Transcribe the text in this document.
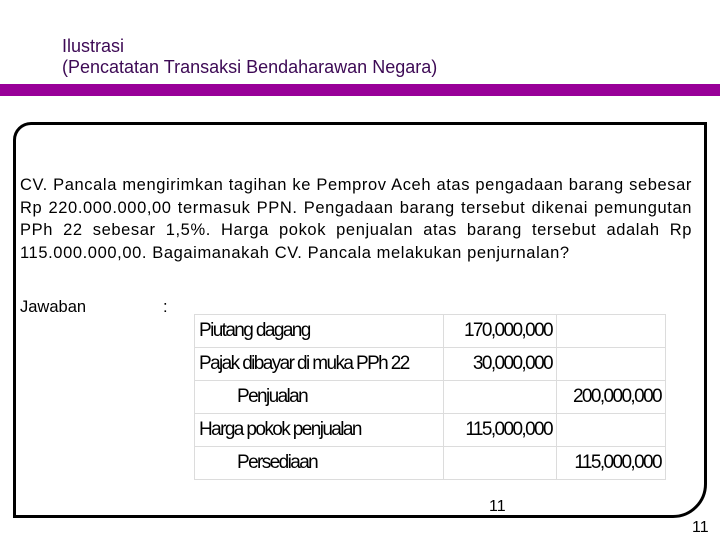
Ilustrasi
(Pencatatan Transaksi Bendaharawan Negara)
CV. Pancala mengirimkan tagihan ke Pemprov Aceh atas pengadaan barang sebesar Rp 220.000.000,00 termasuk PPN. Pengadaan barang tersebut dikenai pemungutan PPh 22 sebesar 1,5%. Harga pokok penjualan atas barang tersebut adalah Rp 115.000.000,00. Bagaimanakah CV. Pancala melakukan penjurnalan?
Jawaban	:
Piutang dagang	170,000,000	
Pajak dibayar di muka PPh 22	30,000,000	
Penjualan		200,000,000
Harga pokok penjualan	115,000,000	
Persediaan		115,000,000
11
11
